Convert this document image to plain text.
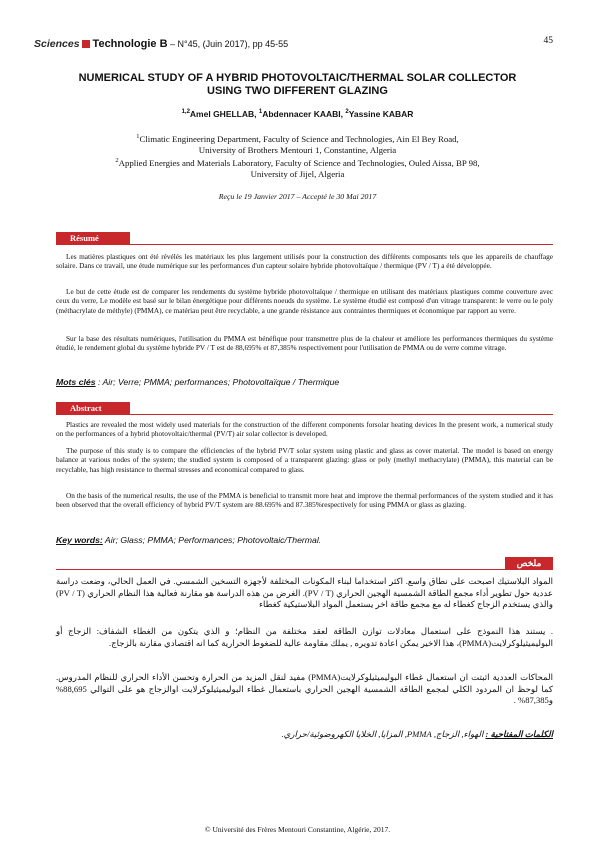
Sciences Technologie B – N°45, (Juin 2017), pp 45-55	45
NUMERICAL STUDY OF A HYBRID PHOTOVOLTAIC/THERMAL SOLAR COLLECTOR
USING TWO DIFFERENT GLAZING
$^{1,2}$Amel GHELLAB, $^1$Abdennacer KAABI, $^2$Yassine KABAR
$^1$Climatic Engineering Department, Faculty of Science and Technologies, Ain El Bey Road,
University of Brothers Mentouri 1, Constantine, Algeria
$^2$Applied Energies and Materials Laboratory, Faculty of Science and Technologies, Ouled Aissa, BP 98,
University of Jijel, Algeria
Reçu le 19 Janvier 2017 – Accepté le 30 Mai 2017
Résumé
Les matières plastiques ont été révélés les matériaux les plus largement utilisés pour la construction des différents composants tels que les appareils de chauffage solaire. Dans ce travail, une étude numérique sur les performances d'un capteur solaire hybride photovoltaïque / thermique (PV / T) a été développée.
Le but de cette étude est de comparer les rendements du système hybride photovoltaïque / thermique en utilisant des matériaux plastiques comme couverture avec ceux du verre, Le modèle est basé sur le bilan énergétique pour différents noeuds du système. Le système étudié est composé d'un vitrage transparent: le verre ou le poly (méthacrylate de méthyle) (PMMA), ce matériau peut être recyclable, a une grande résistance aux contraintes thermiques et économique par rapport au verre.
Sur la base des résultats numériques, l'utilisation du PMMA est bénéfique pour transmettre plus de la chaleur et améliore les performances thermiques du système étudié, le rendement global du système hybride PV / T est de 88,695% et 87,385% respectivement pour l'utilisation de PMMA ou de verre comme vitrage.
Mots clés : Air; Verre; PMMA; performances; Photovoltaïque / Thermique
Abstract
Plastics are revealed the most widely used materials for the construction of the different components forsolar heating devices In the present work, a numerical study on the performances of a hybrid photovoltaic/thermal (PV/T) air solar collector is developed.
The purpose of this study is to compare the efficiencies of the hybrid PV/T solar system using plastic and glass as cover material. The model is based on energy balance at various nodes of the system; the studied system is composed of a transparent glazing: glass or poly (methyl methacrylate) (PMMA), this material can be recyclable, has high resistance to thermal stresses and economical compared to glass.
On the basis of the numerical results, the use of the PMMA is beneficial to transmit more heat and improve the thermal performances of the system studied and it has been observed that the overall efficiency of hybrid PV/T system are 88.695% and 87.385%respectively for using PMMA or glass as glazing.
Key words: Air; Glass; PMMA; Performances; Photovoltaic/Thermal.
ملخص
المواد البلاستيك اصبحت على نطاق واسع. اكثر استخداما لبناء المكونات المختلفة لأجهزة التسخين الشمسي. في العمل الحالي، وضعت دراسة عددية حول تطوير أداء مجمع الطاقة الشمسية الهجين الحراري (PV / T). الغرض من هذه الدراسة هو مقارنة فعالية هذا النظام الحراري (PV / T) والذي يستخدم الزجاج كغطاء له مع مجمع طاقة اخر يستعمل المواد البلاستيكية كغطاء
. يستند هذا النموذج على استعمال معادلات توازن الطاقة لعقد مختلفة من النظام؛ و الذي يتكون من الغطاء الشفاف: الزجاج أو البوليميثيلوكرلايت(PMMA)، هذا الاخير يمكن اعادة تدويره , يملك مقاومة عالية للضغوط الحرارية كما انه اقتصادي مقارنة بالزجاج.
المحاكات العددية اثبتت ان استعمال غطاء البوليميثيلوكرلايت(PMMA) مفيد لنقل المزيد من الحرارة وتحسن الأداء الحراري للنظام المدروس. كما لوحظ ان المردود الكلي لمجمع الطاقة الشمسية الهجين الحراري باستعمال غطاء البوليميثيلوكرلايت اوالزجاج هو على التوالي 88,695% و87,385% .
الكلمات المفتاحية : الهواء, الزجاج, PMMA, المزايا, الخلايا الكهروضوئية/حراري.
© Université des Frères Mentouri Constantine, Algérie, 2017.
